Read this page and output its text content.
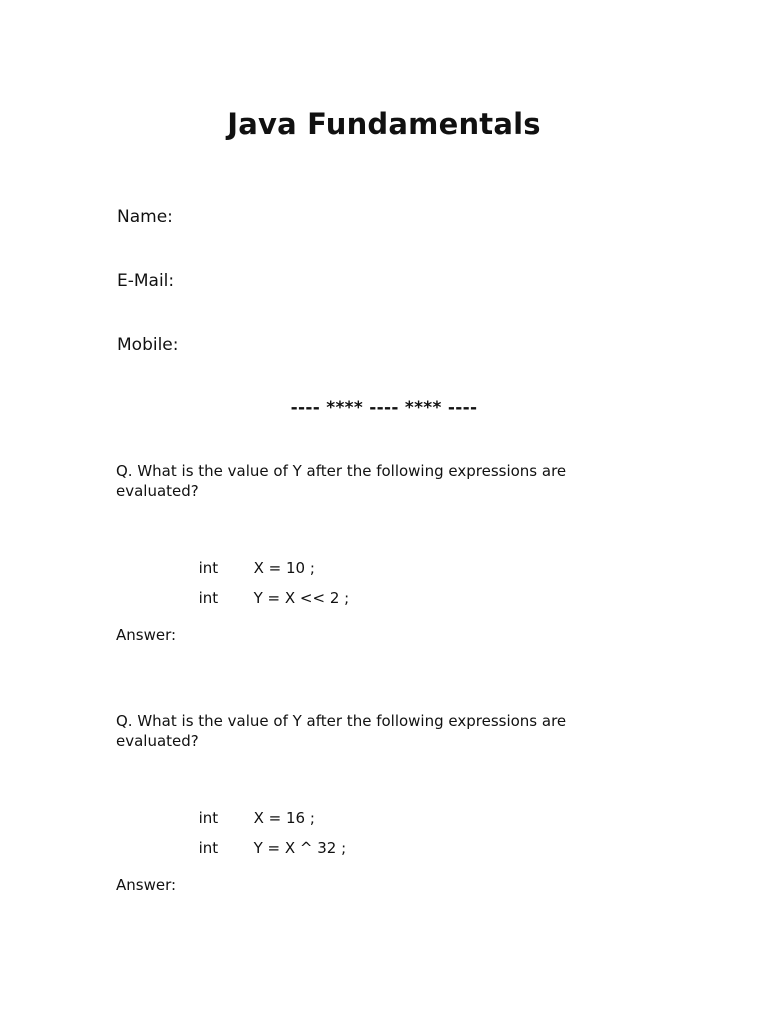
Java Fundamentals

Name:

E-Mail:

Mobile:

---- **** ---- **** ----

Q. What is the value of Y after the following expressions are evaluated?

int X = 10 ;

int Y = X << 2 ;

Answer:

Q. What is the value of Y after the following expressions are evaluated?

int X = 16 ;

int Y = X ^ 32 ;

Answer:
